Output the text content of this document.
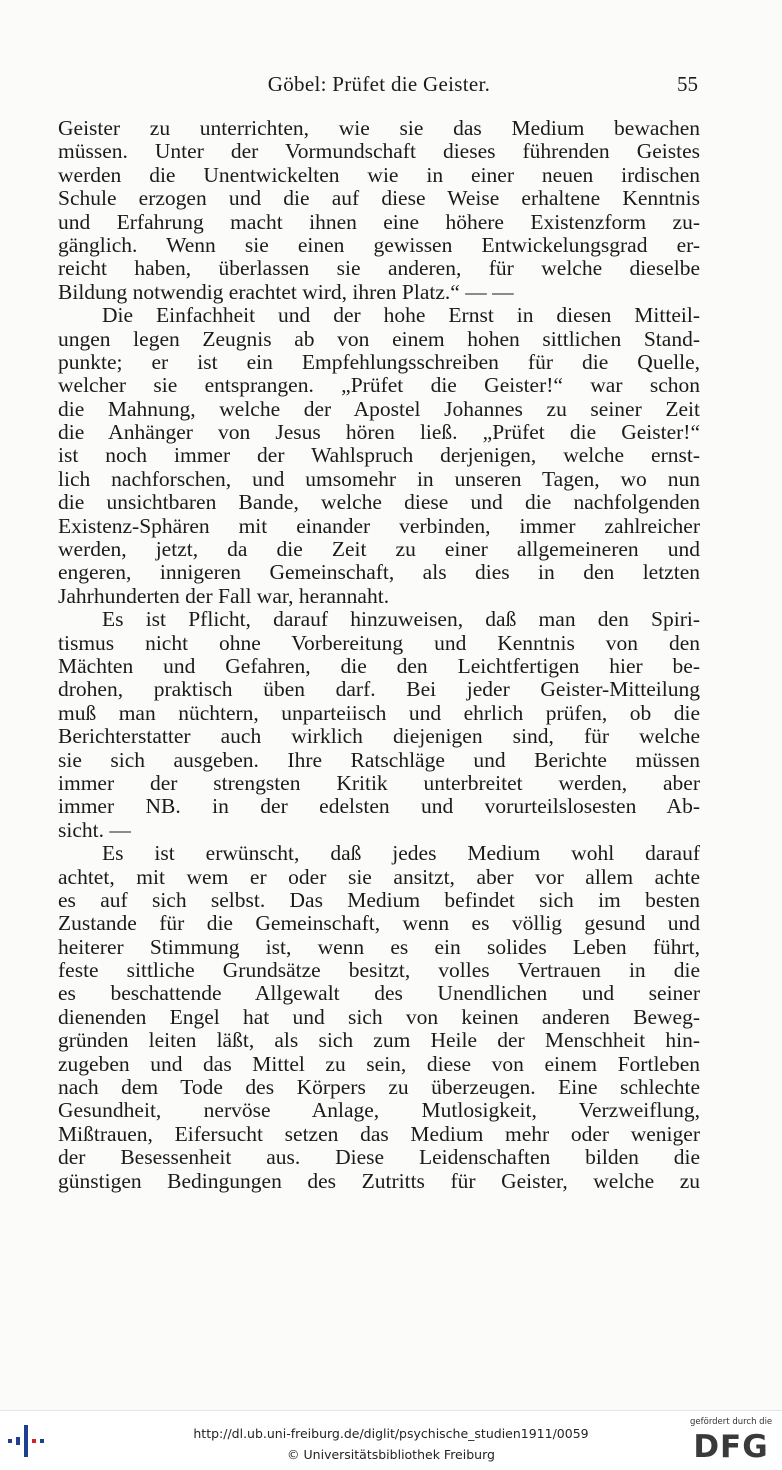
Göbel: Prüfet die Geister.	55
Geister zu unterrichten, wie sie das Medium bewachen
müssen. Unter der Vormundschaft dieses führenden Geistes
werden die Unentwickelten wie in einer neuen irdischen
Schule erzogen und die auf diese Weise erhaltene Kenntnis
und Erfahrung macht ihnen eine höhere Existenzform zu-
gänglich. Wenn sie einen gewissen Entwickelungsgrad er-
reicht haben, überlassen sie anderen, für welche dieselbe
Bildung notwendig erachtet wird, ihren Platz.“ — —
Die Einfachheit und der hohe Ernst in diesen Mitteil-
ungen legen Zeugnis ab von einem hohen sittlichen Stand-
punkte; er ist ein Empfehlungsschreiben für die Quelle,
welcher sie entsprangen. „Prüfet die Geister!“ war schon
die Mahnung, welche der Apostel Johannes zu seiner Zeit
die Anhänger von Jesus hören ließ. „Prüfet die Geister!“
ist noch immer der Wahlspruch derjenigen, welche ernst-
lich nachforschen, und umsomehr in unseren Tagen, wo nun
die unsichtbaren Bande, welche diese und die nachfolgenden
Existenz-Sphären mit einander verbinden, immer zahlreicher
werden, jetzt, da die Zeit zu einer allgemeineren und
engeren, innigeren Gemeinschaft, als dies in den letzten
Jahrhunderten der Fall war, herannaht.
Es ist Pflicht, darauf hinzuweisen, daß man den Spiri-
tismus nicht ohne Vorbereitung und Kenntnis von den
Mächten und Gefahren, die den Leichtfertigen hier be-
drohen, praktisch üben darf. Bei jeder Geister-Mitteilung
muß man nüchtern, unparteiisch und ehrlich prüfen, ob die
Berichterstatter auch wirklich diejenigen sind, für welche
sie sich ausgeben. Ihre Ratschläge und Berichte müssen
immer der strengsten Kritik unterbreitet werden, aber
immer NB. in der edelsten und vorurteilslosesten Ab-
sicht. —
Es ist erwünscht, daß jedes Medium wohl darauf
achtet, mit wem er oder sie ansitzt, aber vor allem achte
es auf sich selbst. Das Medium befindet sich im besten
Zustande für die Gemeinschaft, wenn es völlig gesund und
heiterer Stimmung ist, wenn es ein solides Leben führt,
feste sittliche Grundsätze besitzt, volles Vertrauen in die
es beschattende Allgewalt des Unendlichen und seiner
dienenden Engel hat und sich von keinen anderen Beweg-
gründen leiten läßt, als sich zum Heile der Menschheit hin-
zugeben und das Mittel zu sein, diese von einem Fortleben
nach dem Tode des Körpers zu überzeugen. Eine schlechte
Gesundheit, nervöse Anlage, Mutlosigkeit, Verzweiflung,
Mißtrauen, Eifersucht setzen das Medium mehr oder weniger
der Besessenheit aus. Diese Leidenschaften bilden die
günstigen Bedingungen des Zutritts für Geister, welche zu
http://dl.ub.uni-freiburg.de/diglit/psychische_studien1911/0059
© Universitätsbibliothek Freiburg
gefördert durch die
DFG
